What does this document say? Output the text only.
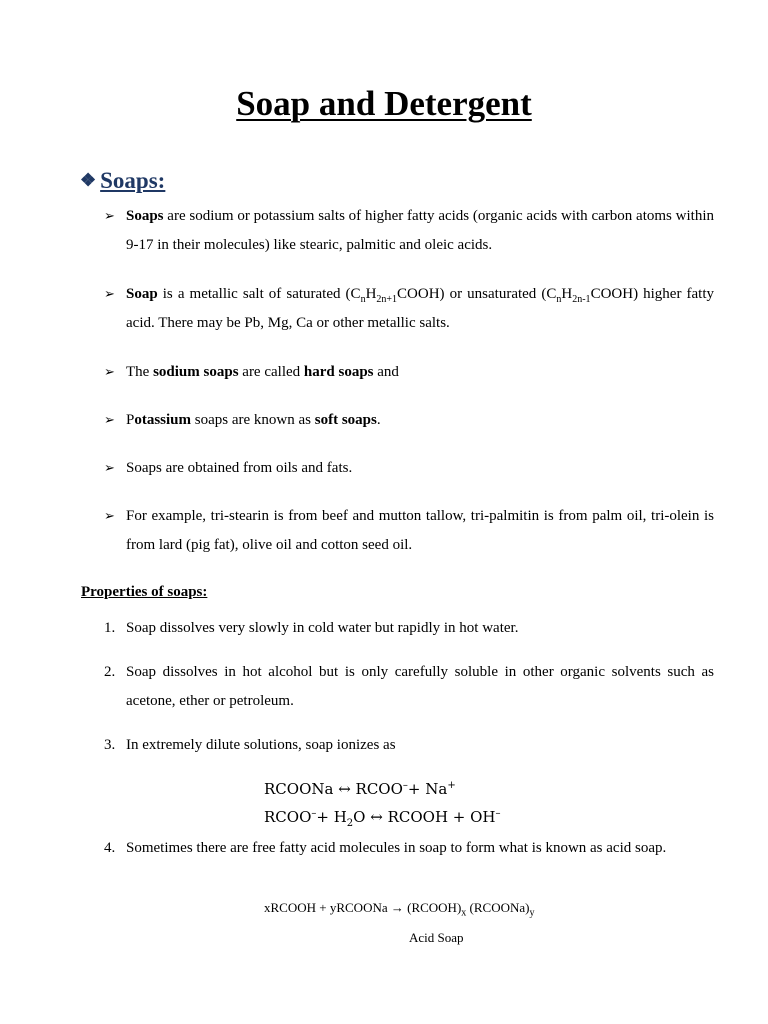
Soap and Detergent
❖ Soaps:
➢ Soaps are sodium or potassium salts of higher fatty acids (organic acids with carbon atoms within 9-17 in their molecules) like stearic, palmitic and oleic acids.
➢ Soap is a metallic salt of saturated $(C_nH_{2n+1}COOH)$ or unsaturated $(C_nH_{2n-1}COOH)$ higher fatty acid. There may be Pb, Mg, Ca or other metallic salts.
➢ The sodium soaps are called hard soaps and
➢ Potassium soaps are known as soft soaps.
➢ Soaps are obtained from oils and fats.
➢ For example, tri-stearin is from beef and mutton tallow, tri-palmitin is from palm oil, tri-olein is from lard (pig fat), olive oil and cotton seed oil.
Properties of soaps:
1. Soap dissolves very slowly in cold water but rapidly in hot water.
2. Soap dissolves in hot alcohol but is only carefully soluble in other organic solvents such as acetone, ether or petroleum.
3. In extremely dilute solutions, soap ionizes as
4. Sometimes there are free fatty acid molecules in soap to form what is known as acid soap.
RCOONa ↔ RCOO–+ Na+
RCOO–+ $H_2O$ ↔ RCOOH + OH–
xRCOOH + yRCOONa → $(RCOOH)_x$ $(RCOONa)_y$
Acid Soap
